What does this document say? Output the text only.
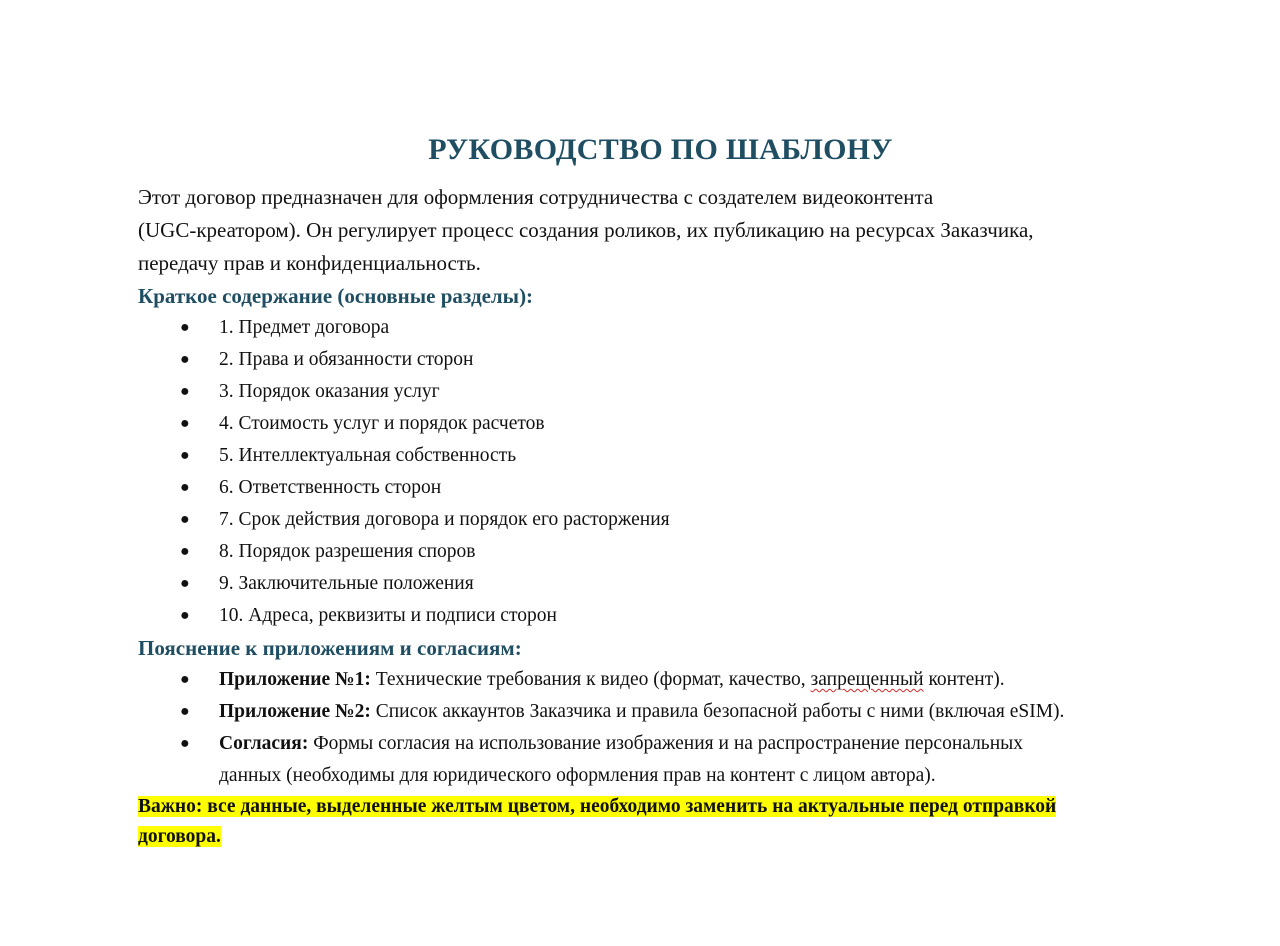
РУКОВОДСТВО ПО ШАБЛОНУ

Этот договор предназначен для оформления сотрудничества с создателем видеоконтента
(UGC-креатором). Он регулирует процесс создания роликов, их публикацию на ресурсах Заказчика,
передачу прав и конфиденциальность.

Краткое содержание (основные разделы):

● 1. Предмет договора
● 2. Права и обязанности сторон
● 3. Порядок оказания услуг
● 4. Стоимость услуг и порядок расчетов
● 5. Интеллектуальная собственность
● 6. Ответственность сторон
● 7. Срок действия договора и порядок его расторжения
● 8. Порядок разрешения споров
● 9. Заключительные положения
● 10. Адреса, реквизиты и подписи сторон

Пояснение к приложениям и согласиям:

● Приложение №1: Технические требования к видео (формат, качество, запрещенный контент).
● Приложение №2: Список аккаунтов Заказчика и правила безопасной работы с ними (включая eSIM).
● Согласия: Формы согласия на использование изображения и на распространение персональных
данных (необходимы для юридического оформления прав на контент с лицом автора).

Важно: все данные, выделенные желтым цветом, необходимо заменить на актуальные перед отправкой
договора.
